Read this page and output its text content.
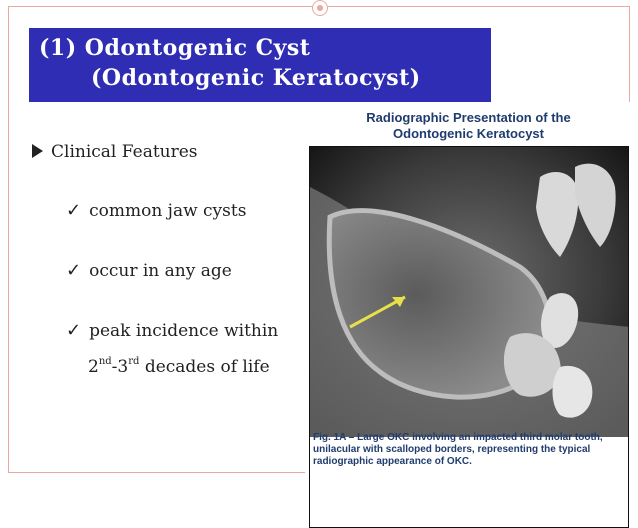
(1) Odontogenic Cyst
(Odontogenic Keratocyst)
Clinical Features
✓ common jaw cysts
✓ occur in any age
✓ peak incidence within
2nd-3rd decades of life
Radiographic Presentation of the
Odontogenic Keratocyst
Fig. 1A – Large OKC involving an impacted third molar tooth, unilacular with scalloped borders, representing the typical radiographic appearance of OKC.
